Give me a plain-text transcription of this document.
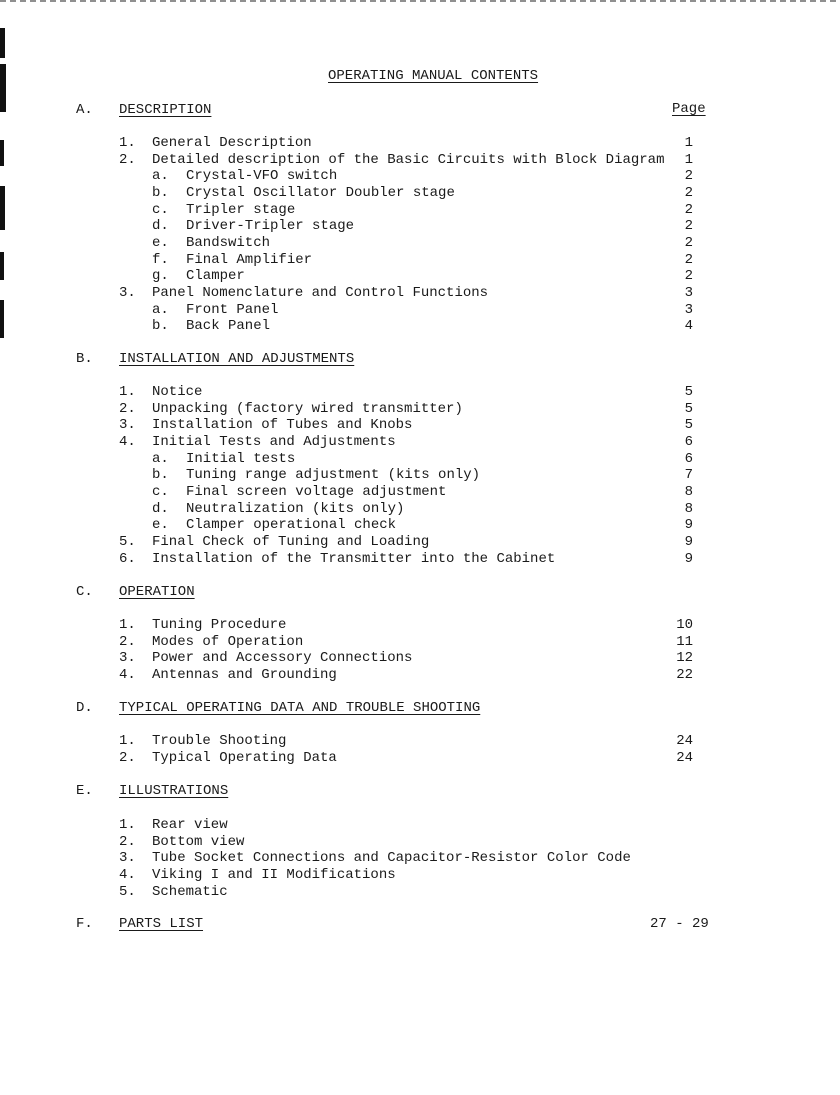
OPERATING MANUAL CONTENTS
Page
A. DESCRIPTION
1. General Description	1
2. Detailed description of the Basic Circuits with Block Diagram 1
a. Crystal-VFO switch	2
b. Crystal Oscillator Doubler stage	2
c. Tripler stage	2
d. Driver-Tripler stage	2
e. Bandswitch	2
f. Final Amplifier	2
g. Clamper	2
3. Panel Nomenclature and Control Functions	3
a. Front Panel	3
b. Back Panel	4
B. INSTALLATION AND ADJUSTMENTS
1. Notice	5
2. Unpacking (factory wired transmitter)	5
3. Installation of Tubes and Knobs	5
4. Initial Tests and Adjustments	6
a. Initial tests	6
b. Tuning range adjustment (kits only)	7
c. Final screen voltage adjustment	8
d. Neutralization (kits only)	8
e. Clamper operational check	9
5. Final Check of Tuning and Loading	9
6. Installation of the Transmitter into the Cabinet	9
C. OPERATION
1. Tuning Procedure	10
2. Modes of Operation	11
3. Power and Accessory Connections	12
4. Antennas and Grounding	22
D. TYPICAL OPERATING DATA AND TROUBLE SHOOTING
1. Trouble Shooting	24
2. Typical Operating Data	24
E. ILLUSTRATIONS
1. Rear view
2. Bottom view
3. Tube Socket Connections and Capacitor-Resistor Color Code
4. Viking I and II Modifications
5. Schematic
F. PARTS LIST	27 - 29
